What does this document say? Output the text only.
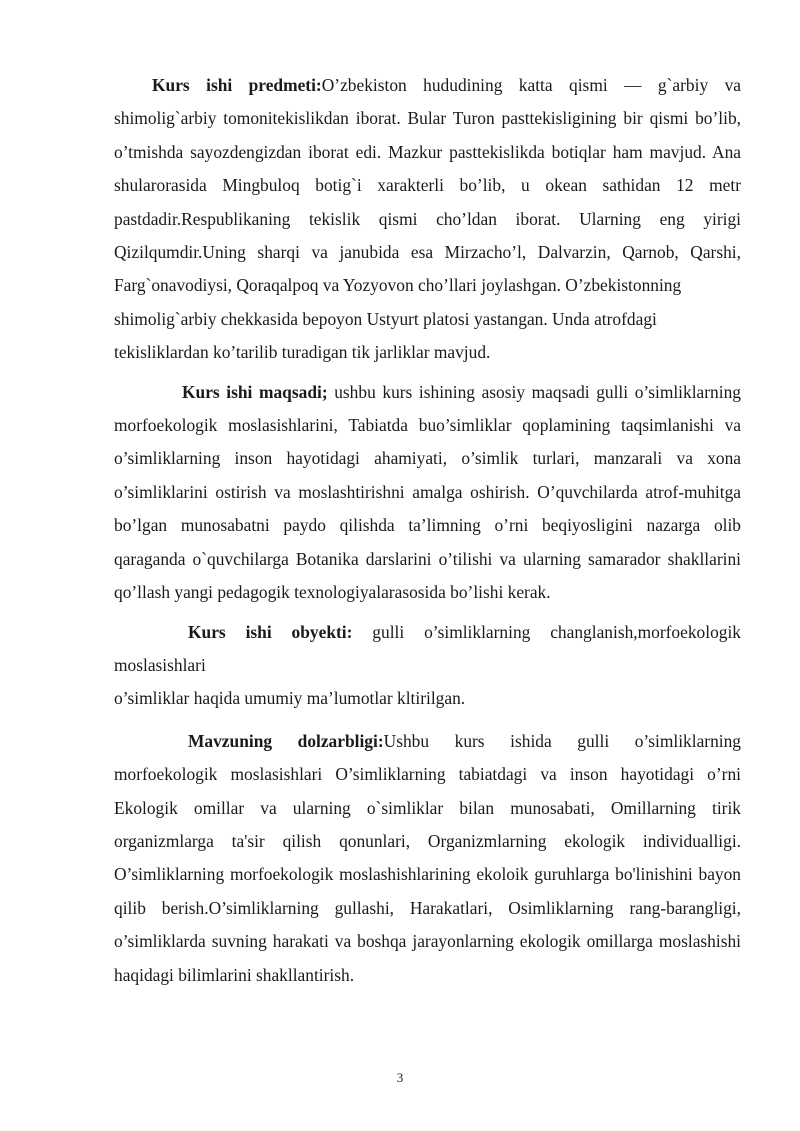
Kurs ishi predmeti:O’zbekiston hududining katta qismi — g`arbiy va shimolig`arbiy tomonitekislikdan iborat. Bular Turon pasttekisligining bir qismi bo’lib, o’tmishda sayozdengizdan iborat edi. Mazkur pasttekislikda botiqlar ham mavjud. Ana shularorasida Mingbuloq botig`i xarakterli bo’lib, u okean sathidan 12 metr pastdadir.Respublikaning tekislik qismi cho’ldan iborat. Ularning eng yirigi Qizilqumdir.Uning sharqi va janubida esa Mirzacho’l, Dalvarzin, Qarnob, Qarshi, Farg`onavodiysi, Qoraqalpoq va Yozyovon cho’llari joylashgan. O’zbekistonning

shimolig`arbiy chekkasida bepoyon Ustyurt platosi yastangan. Unda atrofdagi tekisliklardan ko’tarilib turadigan tik jarliklar mavjud.

Kurs ishi maqsadi; ushbu kurs ishining asosiy maqsadi gulli o’simliklarning morfoekologik moslasishlarini, Tabiatda buo’simliklar qoplamining taqsimlanishi va o’simliklarning inson hayotidagi ahamiyati, o’simlik turlari, manzarali va xona o’simliklarini ostirish va moslashtirishni amalga oshirish. O’quvchilarda atrof-muhitga bo’lgan munosabatni paydo qilishda ta’limning o’rni beqiyosligini nazarga olib qaraganda o`quvchilarga Botanika darslarini o’tilishi va ularning samarador shakllarini qo’llash yangi pedagogik texnologiyalarasosida bo’lishi kerak.

Kurs ishi obyekti: gulli o’simliklarning changlanish,morfoekologik moslasishlari

o’simliklar haqida umumiy ma’lumotlar kltirilgan.

Mavzuning dolzarbligi:Ushbu kurs ishida gulli o’simliklarning morfoekologik moslasishlari O’simliklarning tabiatdagi va inson hayotidagi o’rni Ekologik omillar va ularning o`simliklar bilan munosabati, Omillarning tirik organizmlarga ta'sir qilish qonunlari, Organizmlarning ekologik individualligi. O’simliklarning morfoekologik moslashishlarining ekoloik guruhlarga bo'linishini bayon qilib berish.O’simliklarning gullashi, Harakatlari, Osimliklarning rang-barangligi, o’simliklarda suvning harakati va boshqa jarayonlarning ekologik omillarga moslashishi haqidagi bilimlarini shakllantirish.

3
